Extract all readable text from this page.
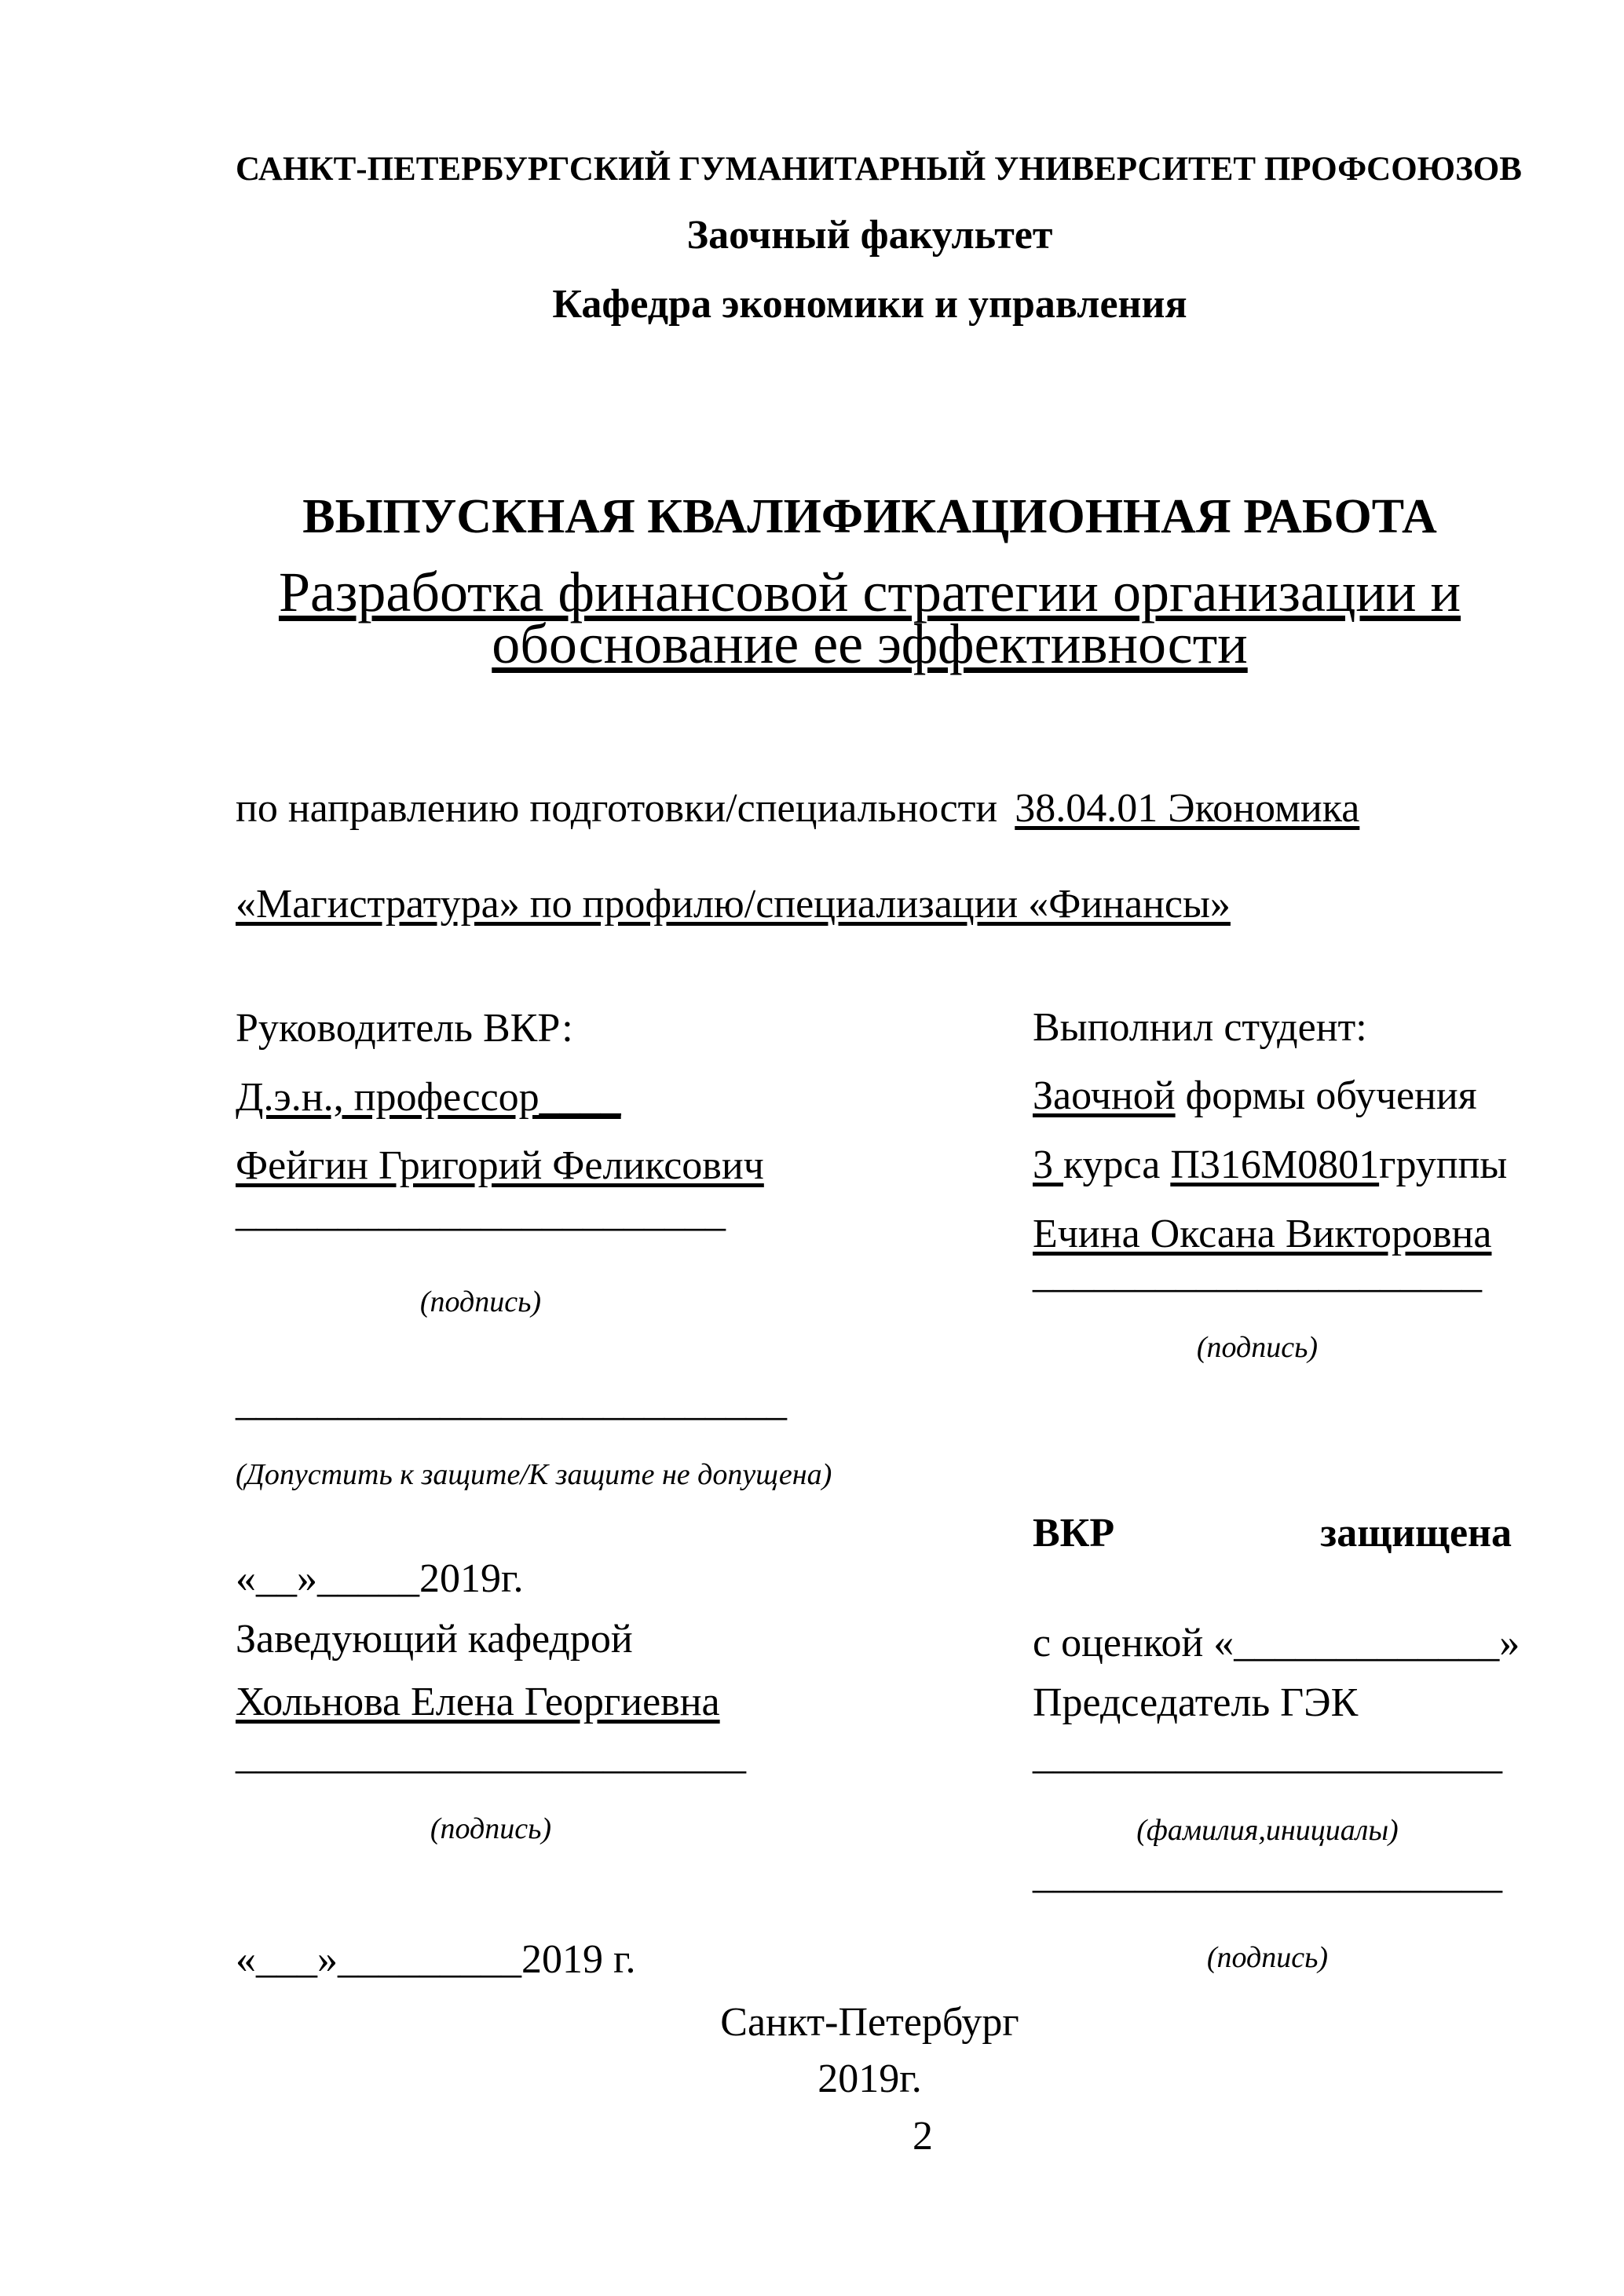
САНКТ-ПЕТЕРБУРГСКИЙ ГУМАНИТАРНЫЙ УНИВЕРСИТЕТ ПРОФСОЮЗОВ
Заочный факультет
Кафедра экономики и управления
ВЫПУСКНАЯ КВАЛИФИКАЦИОННАЯ РАБОТА
Разработка финансовой стратегии организации и
обоснование ее эффективности
по направлению подготовки/специальности 38.04.01 Экономика
«Магистратура» по профилю/специализации «Финансы»
Руководитель ВКР:
Д.э.н., профессор____
Фейгин Григорий Феликсович
________________________
(подпись)
Выполнил студент:
Заочной формы обучения
3 курса П316М0801группы
Ечина Оксана Викторовна
______________________
(подпись)
___________________________
(Допустить к защите/К защите не допущена)
«__»_____2019г.
Заведующий кафедрой
Хольнова Елена Георгиевна
_________________________
(подпись)
«___»_________2019 г.
ВКР	защищена
с оценкой «_____________»
Председатель ГЭК
_______________________
(фамилия,инициалы)
_______________________
(подпись)
Санкт-Петербург
2019г.
2
